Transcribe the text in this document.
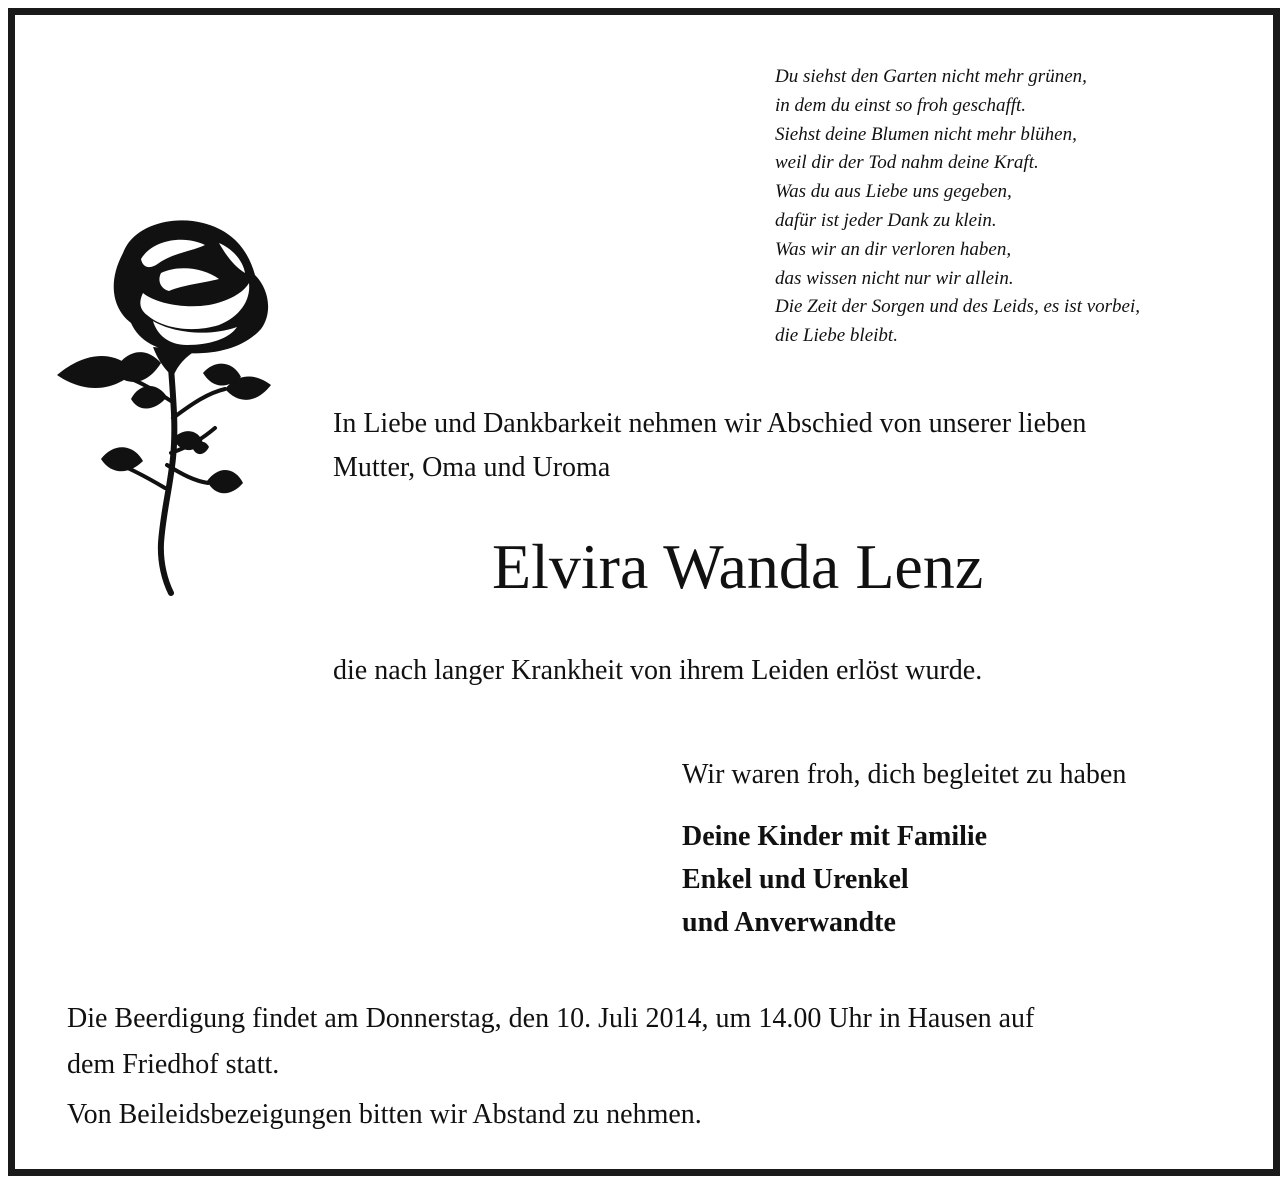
Du siehst den Garten nicht mehr grünen,
in dem du einst so froh geschafft.
Siehst deine Blumen nicht mehr blühen,
weil dir der Tod nahm deine Kraft.
Was du aus Liebe uns gegeben,
dafür ist jeder Dank zu klein.
Was wir an dir verloren haben,
das wissen nicht nur wir allein.
Die Zeit der Sorgen und des Leids, es ist vorbei,
die Liebe bleibt.
In Liebe und Dankbarkeit nehmen wir Abschied von unserer lieben
Mutter, Oma und Uroma
Elvira Wanda Lenz
die nach langer Krankheit von ihrem Leiden erlöst wurde.
Wir waren froh, dich begleitet zu haben
Deine Kinder mit Familie
Enkel und Urenkel
und Anverwandte
Die Beerdigung findet am Donnerstag, den 10. Juli 2014, um 14.00 Uhr in Hausen auf
dem Friedhof statt.
Von Beileidsbezeigungen bitten wir Abstand zu nehmen.
